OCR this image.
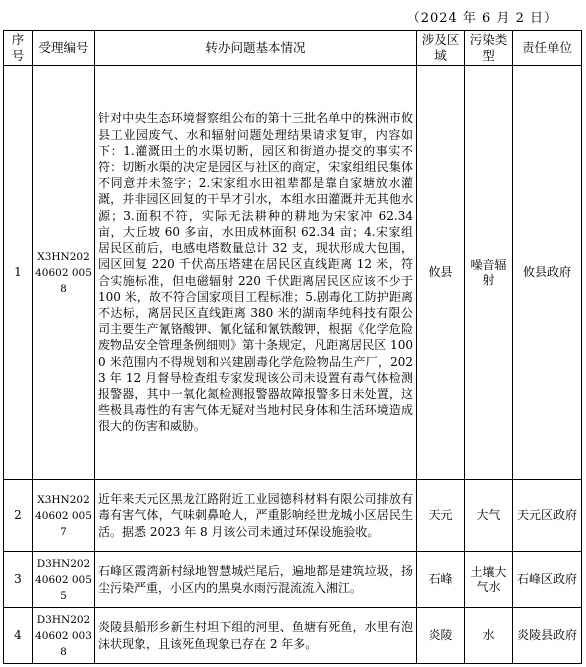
（2024 年 6 月 2 日）
序号	受理编号	转办问题基本情况	涉及区域	污染类型	责任单位
1	X3HN20240602 0058	针对中央生态环境督察组公布的第十三批名单中的株洲市攸县工业园废气、水和辐射问题处理结果请求复审，内容如下：1.灌溉田土的水渠切断，园区和街道办提交的事实不符：切断水渠的决定是园区与社区的商定，宋家组组民集体不同意并未签字；2.宋家组水田祖辈都是靠自家塘放水灌溉，并非园区回复的干旱才引水，本组水田灌溉并无其他水源；3.面积不符，实际无法耕种的耕地为宋家冲 62.34 亩，大丘坡 60 多亩，水田成林面积 62.34 亩；4.宋家组居民区前后，电感电塔数量总计 32 支，现状形成大包围，园区回复 220 千伏高压塔建在居民区直线距离 12 米，符合实施标准，但电磁辐射 220 千伏距离居民区应该不少于 100 米，故不符合国家项目工程标准；5.剧毒化工防护距离不达标，离居民区直线距离 380 米的湖南华纯科技有限公司主要生产氰铬酸钾、氰化锰和氰铁酸钾，根据《化学危险废物品安全管理条例细则》第十条规定，凡距离居民区 1000 米范围内不得规划和兴建剧毒化学危险物品生产厂，2023 年 12 月督导检查组专家发现该公司未设置有毒气体检测报警器，其中一氧化氮检测报警器故障报警多日未处置，这些极具毒性的有害气体无疑对当地村民身体和生活环境造成很大的伤害和威胁。	攸县	噪音辐射	攸县政府
2	X3HN20240602 0057	近年来天元区黑龙江路附近工业园德科材料有限公司排放有毒有害气体，气味刺鼻呛人，严重影响经世龙城小区居民生活。据悉 2023 年 8 月该公司未通过环保设施验收。	天元	大气	天元区政府
3	D3HN20240602 0055	石峰区霞湾新村绿地智慧城烂尾后，遍地都是建筑垃圾，扬尘污染严重，小区内的黑臭水雨污混流流入湘江。	石峰	土壤大气水	石峰区政府
4	D3HN20240602 0038	炎陵县船形乡新生村坦下组的河里、鱼塘有死鱼，水里有泡沫状现象，且该死鱼现象已存在 2 年多。	炎陵	水	炎陵县政府
